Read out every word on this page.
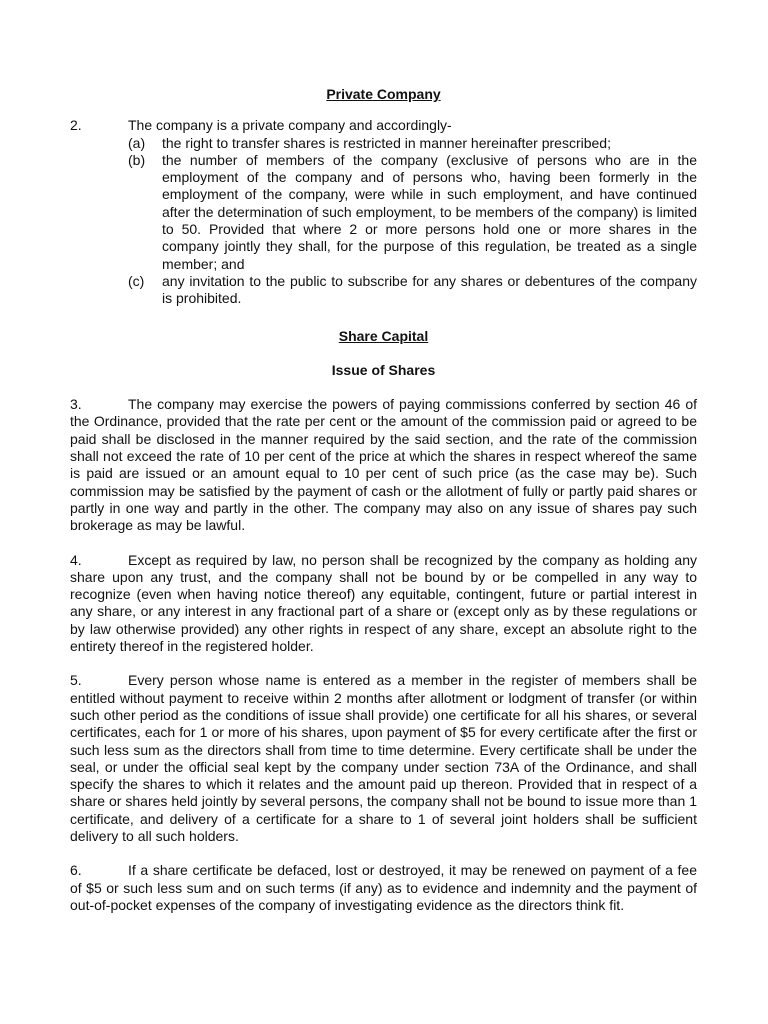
Private Company

2.	The company is a private company and accordingly-
(a) the right to transfer shares is restricted in manner hereinafter prescribed;
(b) the number of members of the company (exclusive of persons who are in the employment of the company and of persons who, having been formerly in the employment of the company, were while in such employment, and have continued after the determination of such employment, to be members of the company) is limited to 50. Provided that where 2 or more persons hold one or more shares in the company jointly they shall, for the purpose of this regulation, be treated as a single member; and
(c) any invitation to the public to subscribe for any shares or debentures of the company is prohibited.

Share Capital

Issue of Shares

3.	The company may exercise the powers of paying commissions conferred by section 46 of the Ordinance, provided that the rate per cent or the amount of the commission paid or agreed to be paid shall be disclosed in the manner required by the said section, and the rate of the commission shall not exceed the rate of 10 per cent of the price at which the shares in respect whereof the same is paid are issued or an amount equal to 10 per cent of such price (as the case may be). Such commission may be satisfied by the payment of cash or the allotment of fully or partly paid shares or partly in one way and partly in the other. The company may also on any issue of shares pay such brokerage as may be lawful.

4.	Except as required by law, no person shall be recognized by the company as holding any share upon any trust, and the company shall not be bound by or be compelled in any way to recognize (even when having notice thereof) any equitable, contingent, future or partial interest in any share, or any interest in any fractional part of a share or (except only as by these regulations or by law otherwise provided) any other rights in respect of any share, except an absolute right to the entirety thereof in the registered holder.

5.	Every person whose name is entered as a member in the register of members shall be entitled without payment to receive within 2 months after allotment or lodgment of transfer (or within such other period as the conditions of issue shall provide) one certificate for all his shares, or several certificates, each for 1 or more of his shares, upon payment of $5 for every certificate after the first or such less sum as the directors shall from time to time determine. Every certificate shall be under the seal, or under the official seal kept by the company under section 73A of the Ordinance, and shall specify the shares to which it relates and the amount paid up thereon. Provided that in respect of a share or shares held jointly by several persons, the company shall not be bound to issue more than 1 certificate, and delivery of a certificate for a share to 1 of several joint holders shall be sufficient delivery to all such holders.

6.	If a share certificate be defaced, lost or destroyed, it may be renewed on payment of a fee of $5 or such less sum and on such terms (if any) as to evidence and indemnity and the payment of out-of-pocket expenses of the company of investigating evidence as the directors think fit.
